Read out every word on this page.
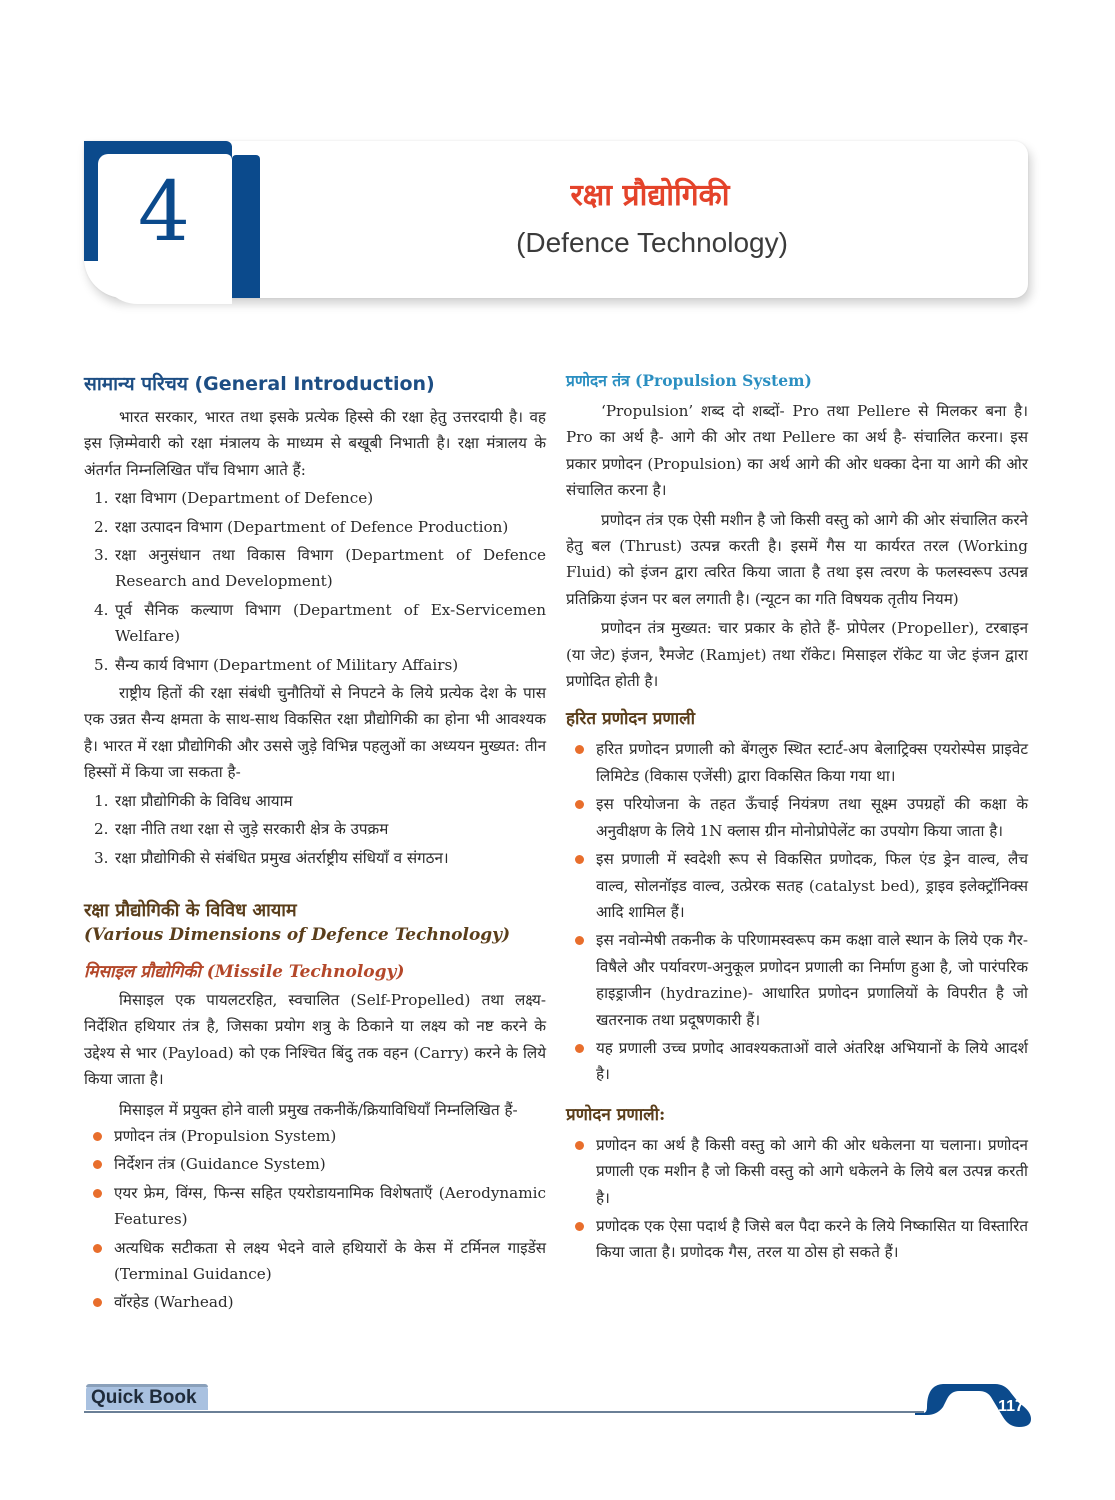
4	रक्षा प्रौद्योगिकी
(Defence Technology)
सामान्य परिचय (General Introduction)

भारत सरकार, भारत तथा इसके प्रत्येक हिस्से की रक्षा हेतु उत्तरदायी है। वह इस ज़िम्मेवारी को रक्षा मंत्रालय के माध्यम से बखूबी निभाती है। रक्षा मंत्रालय के अंतर्गत निम्नलिखित पाँच विभाग आते हैं:

1. रक्षा विभाग (Department of Defence)
2. रक्षा उत्पादन विभाग (Department of Defence Production)
3. रक्षा अनुसंधान तथा विकास विभाग (Department of Defence Research and Development)
4. पूर्व सैनिक कल्याण विभाग (Department of Ex-Servicemen Welfare)
5. सैन्य कार्य विभाग (Department of Military Affairs)

राष्ट्रीय हितों की रक्षा संबंधी चुनौतियों से निपटने के लिये प्रत्येक देश के पास एक उन्नत सैन्य क्षमता के साथ-साथ विकसित रक्षा प्रौद्योगिकी का होना भी आवश्यक है। भारत में रक्षा प्रौद्योगिकी और उससे जुड़े विभिन्न पहलुओं का अध्ययन मुख्यत: तीन हिस्सों में किया जा सकता है-

1. रक्षा प्रौद्योगिकी के विविध आयाम
2. रक्षा नीति तथा रक्षा से जुड़े सरकारी क्षेत्र के उपक्रम
3. रक्षा प्रौद्योगिकी से संबंधित प्रमुख अंतर्राष्ट्रीय संधियाँ व संगठन।
रक्षा प्रौद्योगिकी के विविध आयाम
(Various Dimensions of Defence Technology)
मिसाइल प्रौद्योगिकी (Missile Technology)

मिसाइल एक पायलटरहित, स्वचालित (Self-Propelled) तथा लक्ष्य-निर्देशित हथियार तंत्र है, जिसका प्रयोग शत्रु के ठिकाने या लक्ष्य को नष्ट करने के उद्देश्य से भार (Payload) को एक निश्चित बिंदु तक वहन (Carry) करने के लिये किया जाता है।

मिसाइल में प्रयुक्त होने वाली प्रमुख तकनीकें/क्रियाविधियाँ निम्नलिखित हैं-

प्रणोदन तंत्र (Propulsion System)
निर्देशन तंत्र (Guidance System)
एयर फ्रेम, विंग्स, फिन्स सहित एयरोडायनामिक विशेषताएँ (Aerodynamic Features)
अत्यधिक सटीकता से लक्ष्य भेदने वाले हथियारों के केस में टर्मिनल गाइडेंस (Terminal Guidance)
वॉरहेड (Warhead)
प्रणोदन तंत्र (Propulsion System)

‘Propulsion’ शब्द दो शब्दों- Pro तथा Pellere से मिलकर बना है। Pro का अर्थ है- आगे की ओर तथा Pellere का अर्थ है- संचालित करना। इस प्रकार प्रणोदन (Propulsion) का अर्थ आगे की ओर धक्का देना या आगे की ओर संचालित करना है।

प्रणोदन तंत्र एक ऐसी मशीन है जो किसी वस्तु को आगे की ओर संचालित करने हेतु बल (Thrust) उत्पन्न करती है। इसमें गैस या कार्यरत तरल (Working Fluid) को इंजन द्वारा त्वरित किया जाता है तथा इस त्वरण के फलस्वरूप उत्पन्न प्रतिक्रिया इंजन पर बल लगाती है। (न्यूटन का गति विषयक तृतीय नियम)

प्रणोदन तंत्र मुख्यत: चार प्रकार के होते हैं- प्रोपेलर (Propeller), टरबाइन (या जेट) इंजन, रैमजेट (Ramjet) तथा रॉकेट। मिसाइल रॉकेट या जेट इंजन द्वारा प्रणोदित होती है।

हरित प्रणोदन प्रणाली
हरित प्रणोदन प्रणाली को बेंगलुरु स्थित स्टार्ट-अप बेलाट्रिक्स एयरोस्पेस प्राइवेट लिमिटेड (विकास एजेंसी) द्वारा विकसित किया गया था।
इस परियोजना के तहत ऊँचाई नियंत्रण तथा सूक्ष्म उपग्रहों की कक्षा के अनुवीक्षण के लिये 1N क्लास ग्रीन मोनोप्रोपेलेंट का उपयोग किया जाता है।
इस प्रणाली में स्वदेशी रूप से विकसित प्रणोदक, फिल एंड ड्रेन वाल्व, लैच वाल्व, सोलनॉइड वाल्व, उत्प्रेरक सतह (catalyst bed), ड्राइव इलेक्ट्रॉनिक्स आदि शामिल हैं।
इस नवोन्मेषी तकनीक के परिणामस्वरूप कम कक्षा वाले स्थान के लिये एक गैर-विषैले और पर्यावरण-अनुकूल प्रणोदन प्रणाली का निर्माण हुआ है, जो पारंपरिक हाइड्राजीन (hydrazine)- आधारित प्रणोदन प्रणालियों के विपरीत है जो खतरनाक तथा प्रदूषणकारी हैं।
यह प्रणाली उच्च प्रणोद आवश्यकताओं वाले अंतरिक्ष अभियानों के लिये आदर्श है।
प्रणोदन प्रणाली:
प्रणोदन का अर्थ है किसी वस्तु को आगे की ओर धकेलना या चलाना। प्रणोदन प्रणाली एक मशीन है जो किसी वस्तु को आगे धकेलने के लिये बल उत्पन्न करती है।
प्रणोदक एक ऐसा पदार्थ है जिसे बल पैदा करने के लिये निष्कासित या विस्तारित किया जाता है। प्रणोदक गैस, तरल या ठोस हो सकते हैं।
Quick Book	117
